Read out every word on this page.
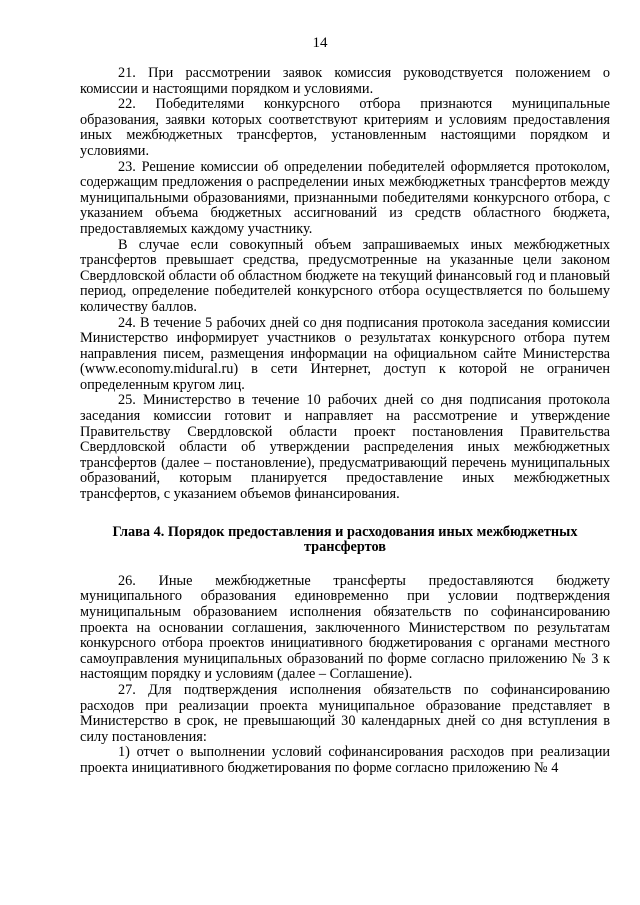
14

21. При рассмотрении заявок комиссия руководствуется положением о комиссии и настоящими порядком и условиями.

22. Победителями конкурсного отбора признаются муниципальные образования, заявки которых соответствуют критериям и условиям предоставления иных межбюджетных трансфертов, установленным настоящими порядком и условиями.

23. Решение комиссии об определении победителей оформляется протоколом, содержащим предложения о распределении иных межбюджетных трансфертов между муниципальными образованиями, признанными победителями конкурсного отбора, с указанием объема бюджетных ассигнований из средств областного бюджета, предоставляемых каждому участнику.

В случае если совокупный объем запрашиваемых иных межбюджетных трансфертов превышает средства, предусмотренные на указанные цели законом Свердловской области об областном бюджете на текущий финансовый год и плановый период, определение победителей конкурсного отбора осуществляется по большему количеству баллов.

24. В течение 5 рабочих дней со дня подписания протокола заседания комиссии Министерство информирует участников о результатах конкурсного отбора путем направления писем, размещения информации на официальном сайте Министерства (www.economy.midural.ru) в сети Интернет, доступ к которой не ограничен определенным кругом лиц.

25. Министерство в течение 10 рабочих дней со дня подписания протокола заседания комиссии готовит и направляет на рассмотрение и утверждение Правительству Свердловской области проект постановления Правительства Свердловской области об утверждении распределения иных межбюджетных трансфертов (далее – постановление), предусматривающий перечень муниципальных образований, которым планируется предоставление иных межбюджетных трансфертов, с указанием объемов финансирования.

Глава 4. Порядок предоставления и расходования иных межбюджетных трансфертов

26. Иные межбюджетные трансферты предоставляются бюджету муниципального образования единовременно при условии подтверждения муниципальным образованием исполнения обязательств по софинансированию проекта на основании соглашения, заключенного Министерством по результатам конкурсного отбора проектов инициативного бюджетирования с органами местного самоуправления муниципальных образований по форме согласно приложению № 3 к настоящим порядку и условиям (далее – Соглашение).

27. Для подтверждения исполнения обязательств по софинансированию расходов при реализации проекта муниципальное образование представляет в Министерство в срок, не превышающий 30 календарных дней со дня вступления в силу постановления:

1) отчет о выполнении условий софинансирования расходов при реализации проекта инициативного бюджетирования по форме согласно приложению № 4
